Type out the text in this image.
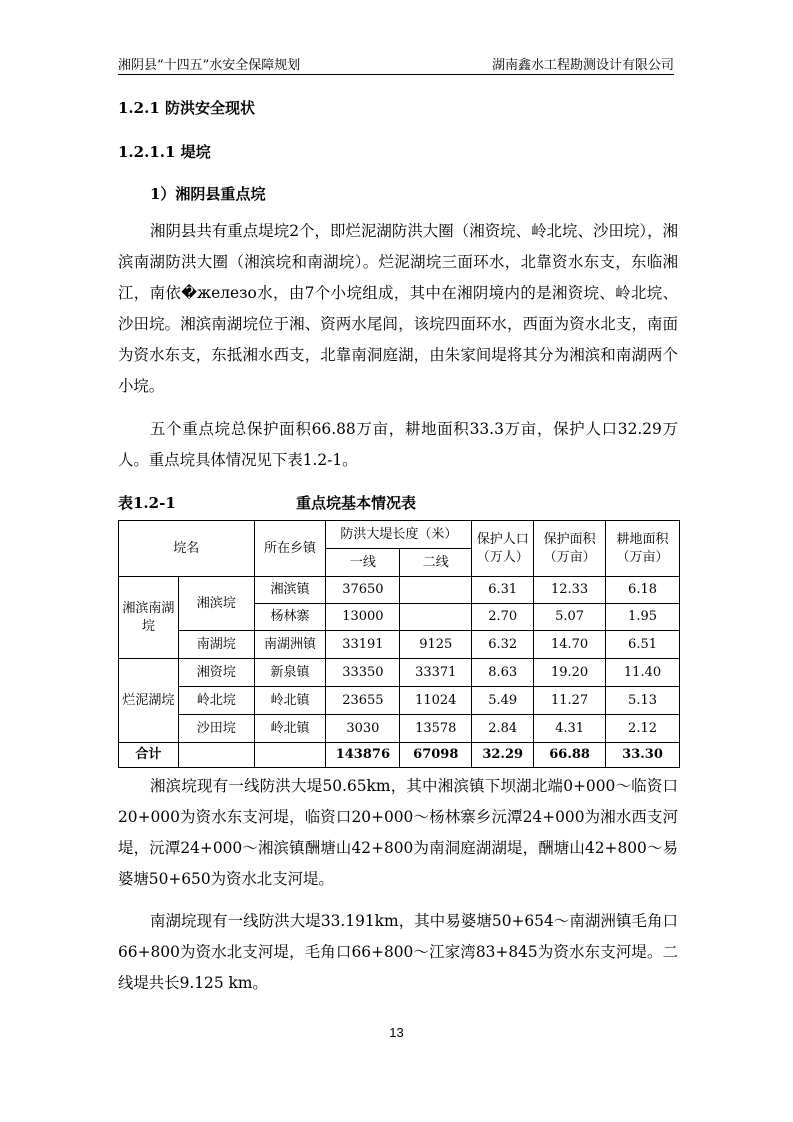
湘阴县“十四五”水安全保障规划	湖南鑫水工程勘测设计有限公司
1.2.1 防洪安全现状
1.2.1.1 堤垸
1）湘阴县重点垸

湘阴县共有重点堤垸2个，即烂泥湖防洪大圈（湘资垸、岭北垸、沙田垸），湘滨南湖防洪大圈（湘滨垸和南湖垸）。烂泥湖垸三面环水，北靠资水东支，东临湘江，南依�железо水，由7个小垸组成，其中在湘阴境内的是湘资垸、岭北垸、沙田垸。湘滨南湖垸位于湘、资两水尾闾，该垸四面环水，西面为资水北支，南面为资水东支，东抵湘水西支，北靠南洞庭湖，由朱家间堤将其分为湘滨和南湖两个小垸。

五个重点垸总保护面积66.88万亩，耕地面积33.3万亩，保护人口32.29万人。重点垸具体情况见下表1.2-1。

表1.2-1	重点垸基本情况表
垸名		所在乡镇	防洪大堤长度（米）		保护人口（万人）	保护面积（万亩）	耕地面积（万亩）
			一线	二线			
湘滨南湖垸	湘滨垸	湘滨镇	37650		6.31	12.33	6.18
		杨林寨	13000		2.70	5.07	1.95
	南湖垸	南湖洲镇	33191	9125	6.32	14.70	6.51
烂泥湖垸	湘资垸	新泉镇	33350	33371	8.63	19.20	11.40
	岭北垸	岭北镇	23655	11024	5.49	11.27	5.13
	沙田垸	岭北镇	3030	13578	2.84	4.31	2.12
合计			143876	67098	32.29	66.88	33.30

湘滨垸现有一线防洪大堤50.65km，其中湘滨镇下坝湖北端0+000～临资口20+000为资水东支河堤，临资口20+000～杨林寨乡沅潭24+000为湘水西支河堤，沅潭24+000～湘滨镇酬塘山42+800为南洞庭湖湖堤，酬塘山42+800～易婆塘50+650为资水北支河堤。

南湖垸现有一线防洪大堤33.191km，其中易婆塘50+654～南湖洲镇毛角口66+800为资水北支河堤，毛角口66+800～江家湾83+845为资水东支河堤。二线堤共长9.125 km。

13
